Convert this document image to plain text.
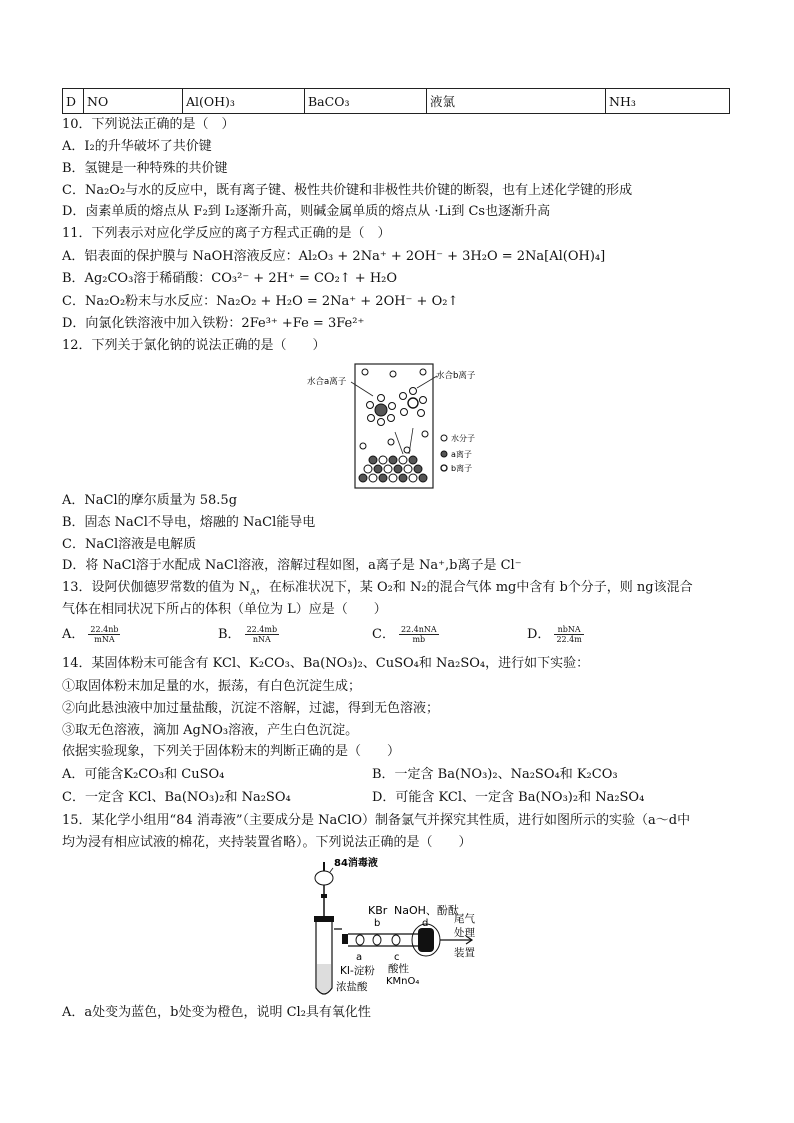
D	NO	Al(OH)₃	BaCO₃	液氯	NH₃
10．下列说法正确的是（　）
A．I₂的升华破坏了共价键
B．氢键是一种特殊的共价键
C．Na₂O₂与水的反应中，既有离子键、极性共价键和非极性共价键的断裂，也有上述化学键的形成
D．卤素单质的熔点从 F₂到 I₂逐渐升高，则碱金属单质的熔点从 ·Li到 Cs也逐渐升高
11．下列表示对应化学反应的离子方程式正确的是（　）
A．铝表面的保护膜与 NaOH溶液反应：Al₂O₃ + 2Na⁺ + 2OH⁻ + 3H₂O = 2Na[Al(OH)₄]
B．Ag₂CO₃溶于稀硝酸：CO₃²⁻ + 2H⁺ = CO₂↑ + H₂O
C．Na₂O₂粉末与水反应：Na₂O₂ + H₂O = 2Na⁺ + 2OH⁻ + O₂↑
D．向氯化铁溶液中加入铁粉：2Fe³⁺ +Fe = 3Fe²⁺
12．下列关于氯化钠的说法正确的是（　　）
水合a离子
水合b离子
水分子
a离子
b离子
A．NaCl的摩尔质量为 58.5g
B．固态 NaCl不导电，熔融的 NaCl能导电
C．NaCl溶液是电解质
D．将 NaCl溶于水配成 NaCl溶液，溶解过程如图，a离子是 Na⁺,b离子是 Cl⁻
13．设阿伏伽德罗常数的值为 $N_A$，在标准状况下，某 O₂和 N₂的混合气体 mg中含有 b个分子，则 ng该混合
气体在相同状况下所占的体积（单位为 L）应是（　　）
A． $\frac{22.4nb}{\text{mNA}}$	B． $\frac{22.4mb}{\text{nNA}}$	C． $\frac{\text{22.4nNA}}{mb}$	D． $\frac{\text{nbNA}}{22.4m}$
14．某固体粉末可能含有 KCl、K₂CO₃、Ba(NO₃)₂、CuSO₄和 Na₂SO₄，进行如下实验：
①取固体粉末加足量的水，振荡，有白色沉淀生成；
②向此悬浊液中加过量盐酸，沉淀不溶解，过滤，得到无色溶液；
③取无色溶液，滴加 AgNO₃溶液，产生白色沉淀。
依据实验现象，下列关于固体粉末的判断正确的是（　　）
A．可能含K₂CO₃和 CuSO₄	B．一定含 Ba(NO₃)₂、Na₂SO₄和 K₂CO₃
C．一定含 KCl、Ba(NO₃)₂和 Na₂SO₄	D．可能含 KCl、一定含 Ba(NO₃)₂和 Na₂SO₄
15．某化学小组用“84 消毒液”（主要成分是 NaClO）制备氯气并探究其性质，进行如图所示的实验（a～d中
均为浸有相应试液的棉花，夹持装置省略）。下列说法正确的是（　　）
84消毒液
KBr NaOH、酚酞
b	d
a	c
KI-淀粉 酸性
KMnO₄
浓盐酸
尾气
处理
装置
A．a处变为蓝色，b处变为橙色，说明 Cl₂具有氧化性
